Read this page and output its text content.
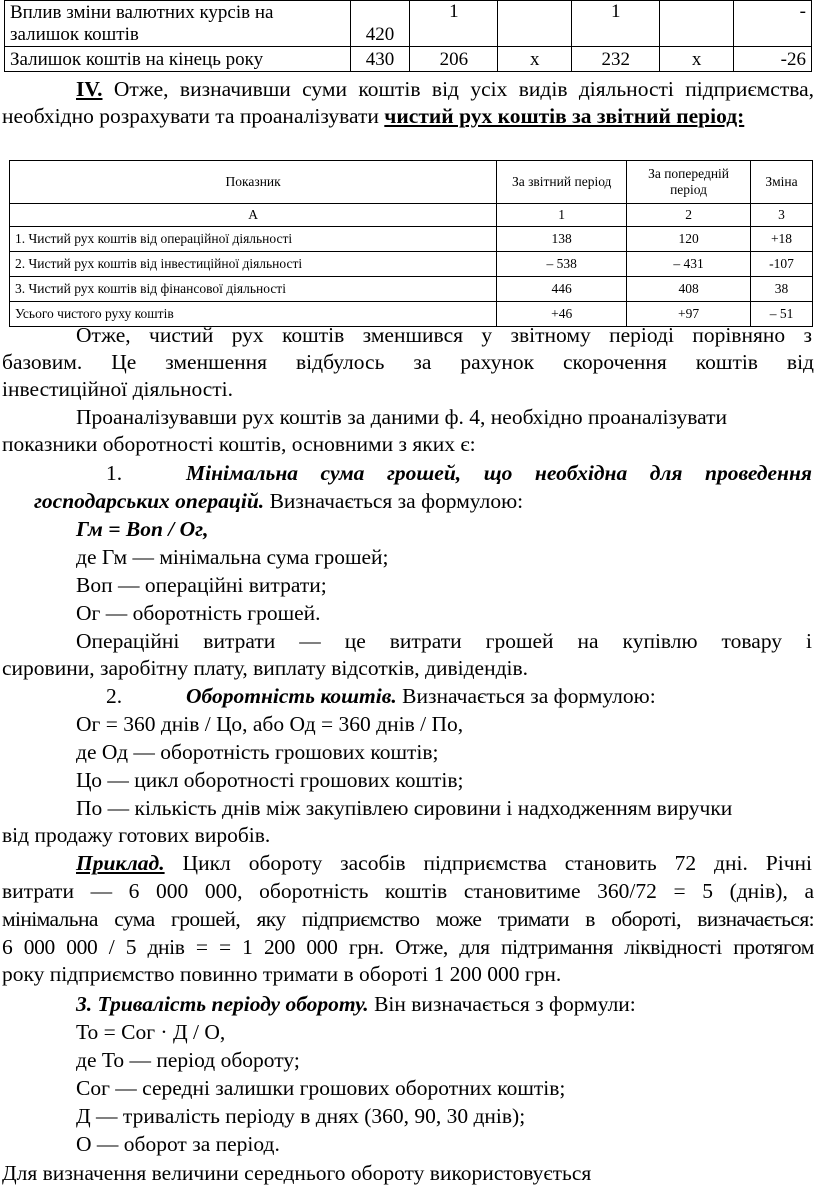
Вплив зміни валютних курсів на залишок коштів	420	1		1		-
Залишок коштів на кінець року	430	206	х	232	х	-26

IV. Отже, визначивши суми коштів від усіх видів діяльності підприємства, необхідно розрахувати та проаналізувати чистий рух коштів за звітний період:

Показник	За звітний період	За попередній період	Зміна
А	1	2	3
1. Чистий рух коштів від операційної діяльності	138	120	+18
2. Чистий рух коштів від інвестиційної діяльності	– 538	– 431	-107
3. Чистий рух коштів від фінансової діяльності	446	408	38
Усього чистого руху коштів	+46	+97	– 51

Отже, чистий рух коштів зменшився у звітному періоді порівняно з

базовим. Це зменшення відбулось за рахунок скорочення коштів від

інвестиційної діяльності.

Проаналізувавши рух коштів за даними ф. 4, необхідно проаналізувати

показники оборотності коштів, основними з яких є:

1.	Мінімальна сума грошей, що необхідна для проведення

господарських операцій. Визначається за формулою:

Гм = Воп / Ог,

де Гм — мінімальна сума грошей;

Воп — операційні витрати;

Ог — оборотність грошей.

Операційні витрати — це витрати грошей на купівлю товару і

сировини, заробітну плату, виплату відсотків, дивідендів.

2.	Оборотність коштів. Визначається за формулою:

Ог = 360 днів / Цо, або Од = 360 днів / По,

де Од — оборотність грошових коштів;

Цо — цикл оборотності грошових коштів;

По — кількість днів між закупівлею сировини і надходженням виручки

від продажу готових виробів.

Приклад. Цикл обороту засобів підприємства становить 72 дні. Річні

витрати — 6 000 000, оборотність коштів становитиме 360/72 = 5 (днів), а

мінімальна сума грошей, яку підприємство може тримати в обороті, визначається:

6 000 000 / 5 днів = = 1 200 000 грн. Отже, для підтримання ліквідності протягом

року підприємство повинно тримати в обороті 1 200 000 грн.

3. Тривалість періоду обороту. Він визначається з формули:

То = Сог · Д / О,

де То — період обороту;

Сог — середні залишки грошових оборотних коштів;

Д — тривалість періоду в днях (360, 90, 30 днів);

О — оборот за період.

Для визначення величини середнього обороту використовується
